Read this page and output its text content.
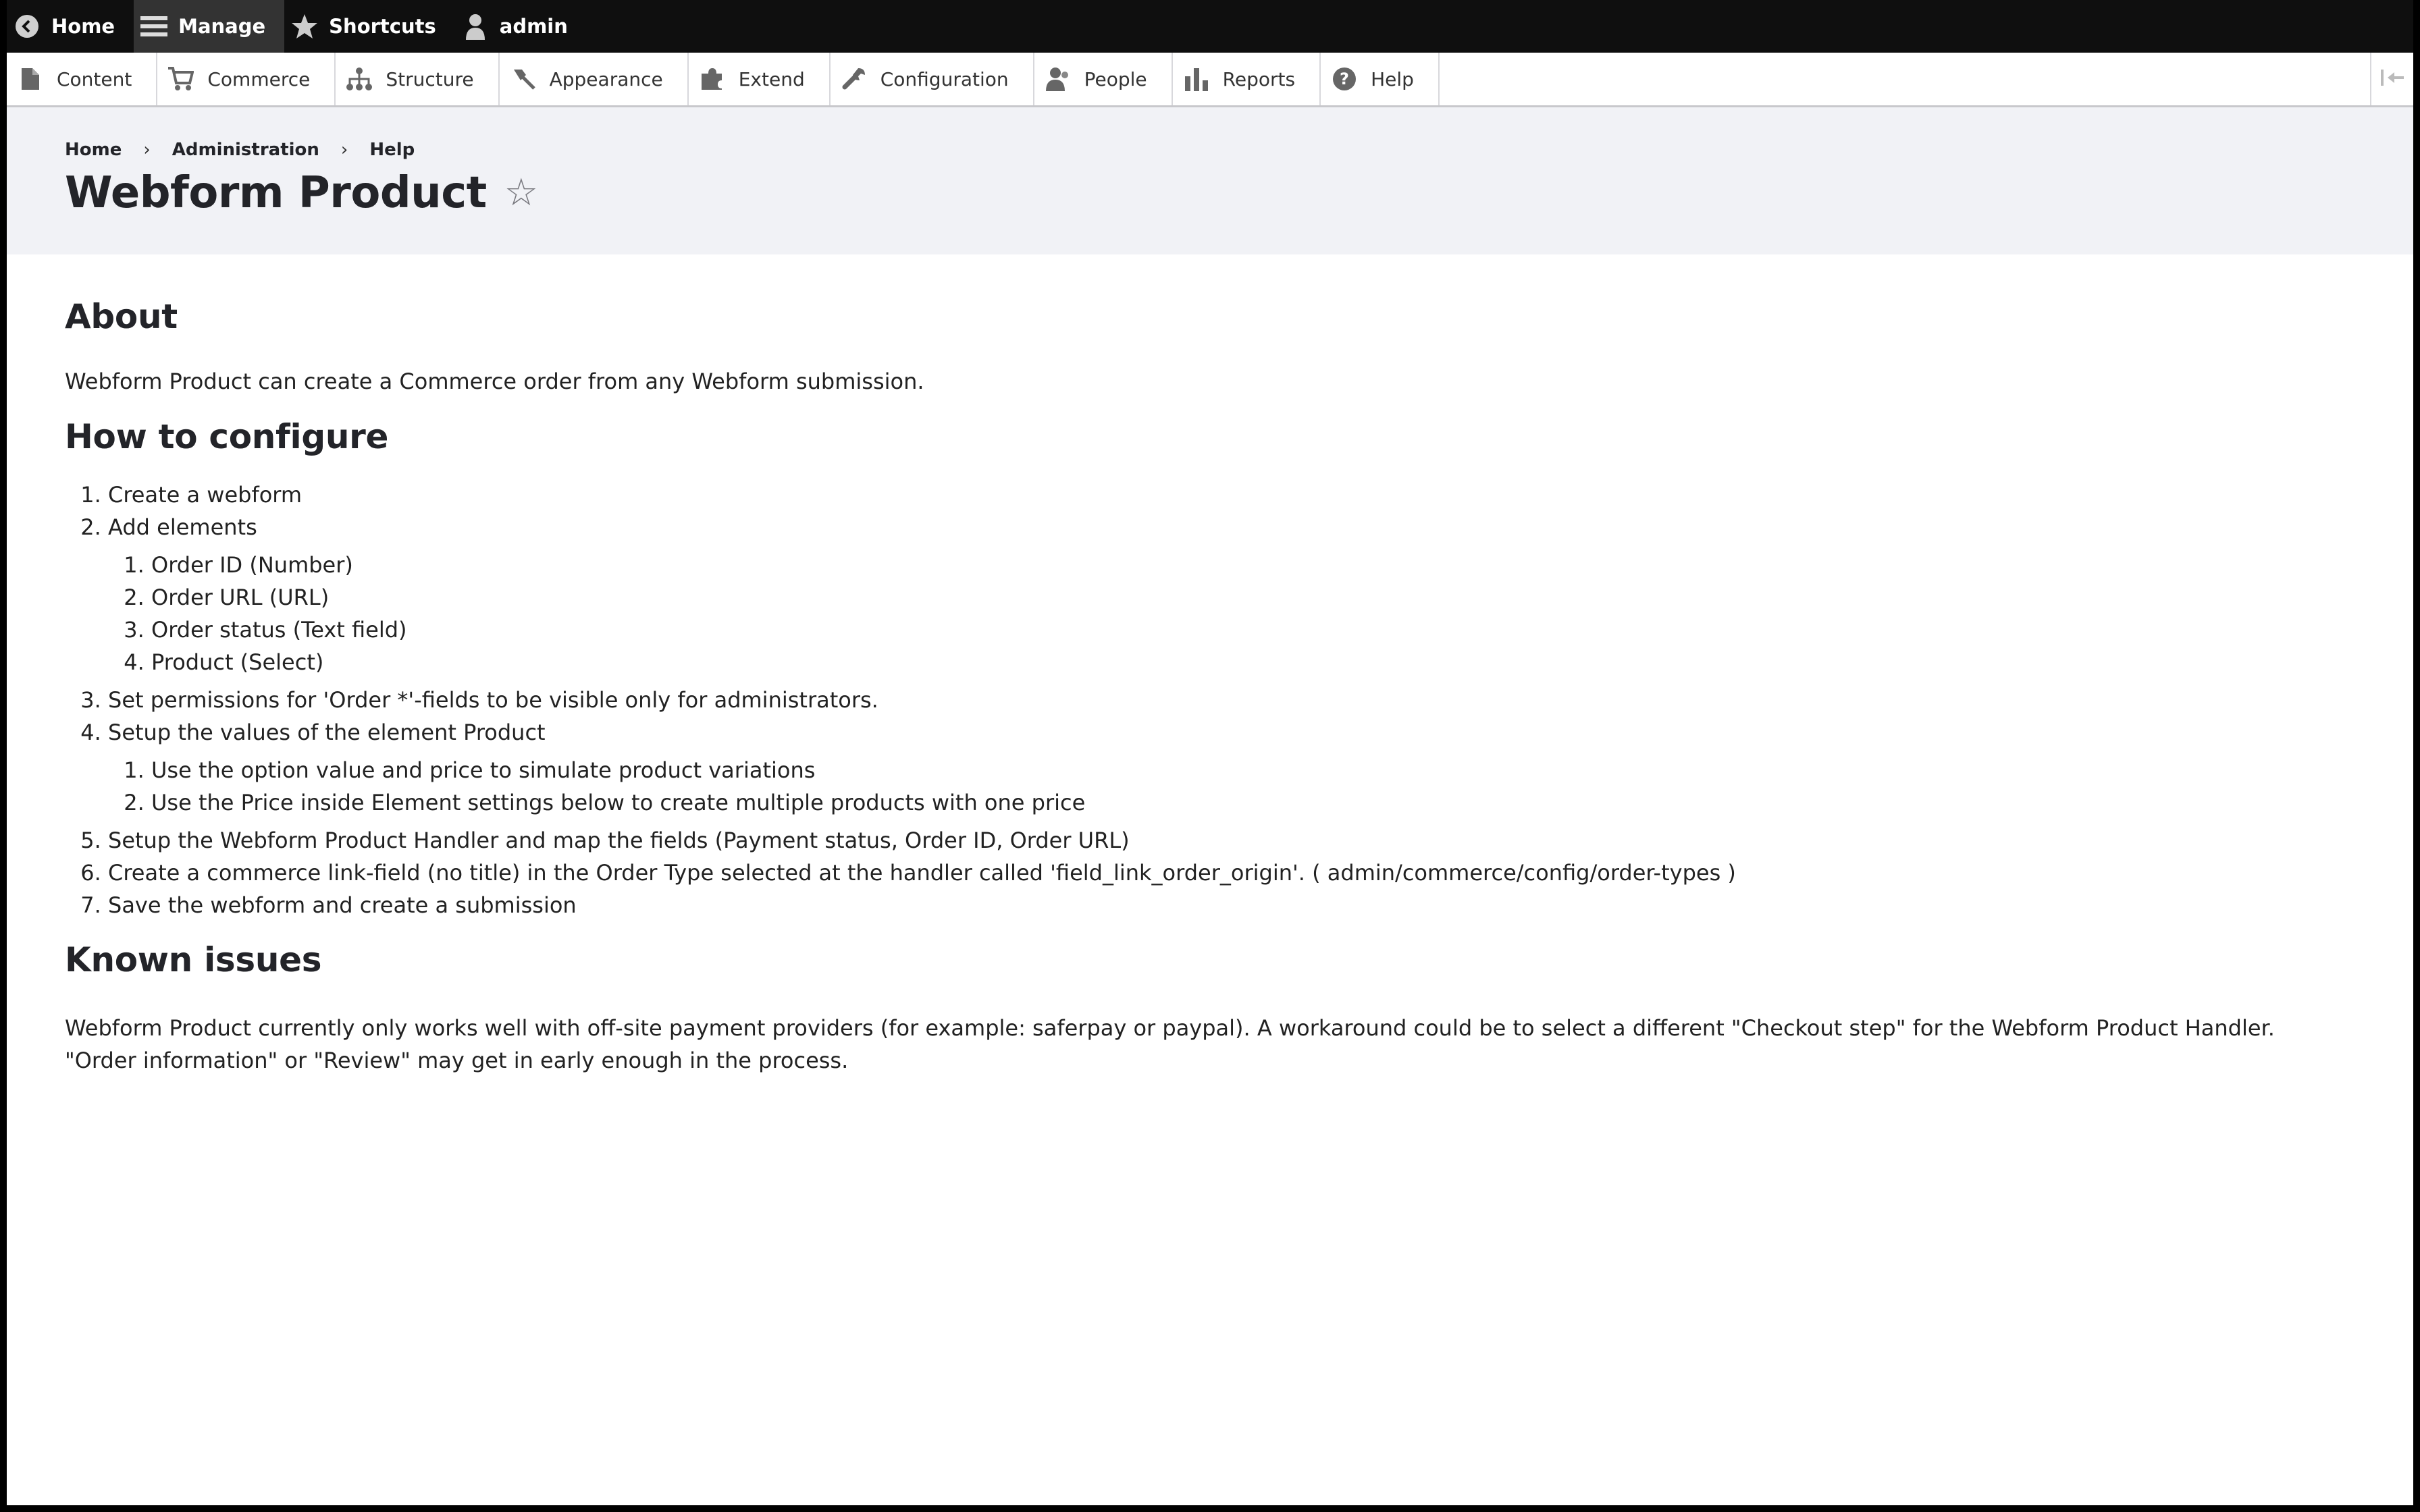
Home	Manage	Shortcuts	admin
Content	Commerce	Structure	Appearance	Extend	Configuration	People	Reports	? Help
Home › Administration › Help
Webform Product ☆
About

Webform Product can create a Commerce order from any Webform submission.

How to configure
1. Create a webform
2. Add elements
1. Order ID (Number)
2. Order URL (URL)
3. Order status (Text field)
4. Product (Select)
3. Set permissions for 'Order *'-fields to be visible only for administrators.
4. Setup the values of the element Product
1. Use the option value and price to simulate product variations
2. Use the Price inside Element settings below to create multiple products with one price
5. Setup the Webform Product Handler and map the fields (Payment status, Order ID, Order URL)
6. Create a commerce link-field (no title) in the Order Type selected at the handler called 'field_link_order_origin'. ( admin/commerce/config/order-types )
7. Save the webform and create a submission
Known issues

Webform Product currently only works well with off-site payment providers (for example: saferpay or paypal). A workaround could be to select a different "Checkout step" for the Webform Product Handler. "Order information" or "Review" may get in early enough in the process.
